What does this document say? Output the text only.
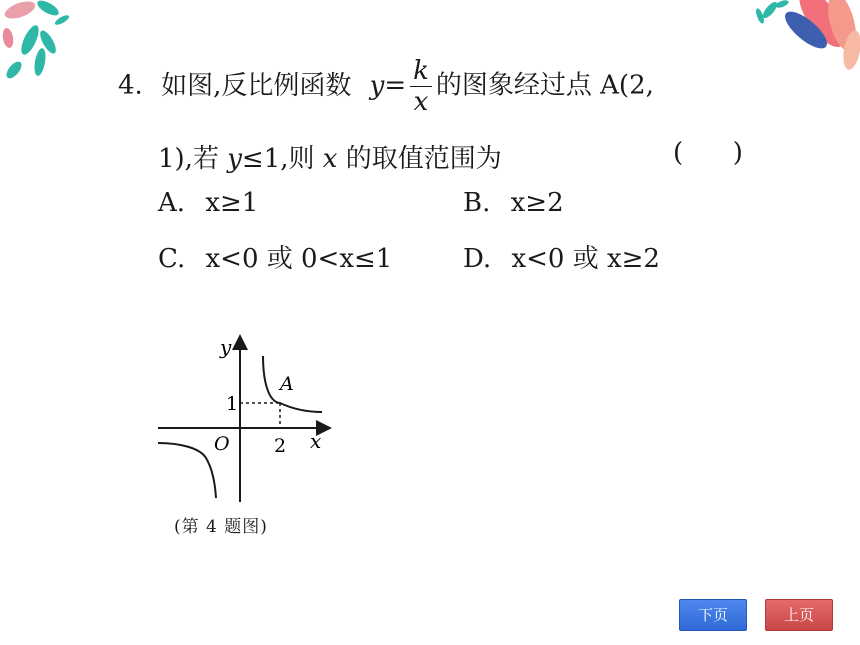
4. 如图,反比例函数 $y= \frac{k}{x}$ 的图象经过点 A(2,
1),若 y≤1,则 x 的取值范围为	(      )
A. x≥1	B. x≥2
C. x<0 或 0<x≤1	D. x<0 或 x≥2
y
x
O
1
2
A
(第 4 题图)
下页	上页
